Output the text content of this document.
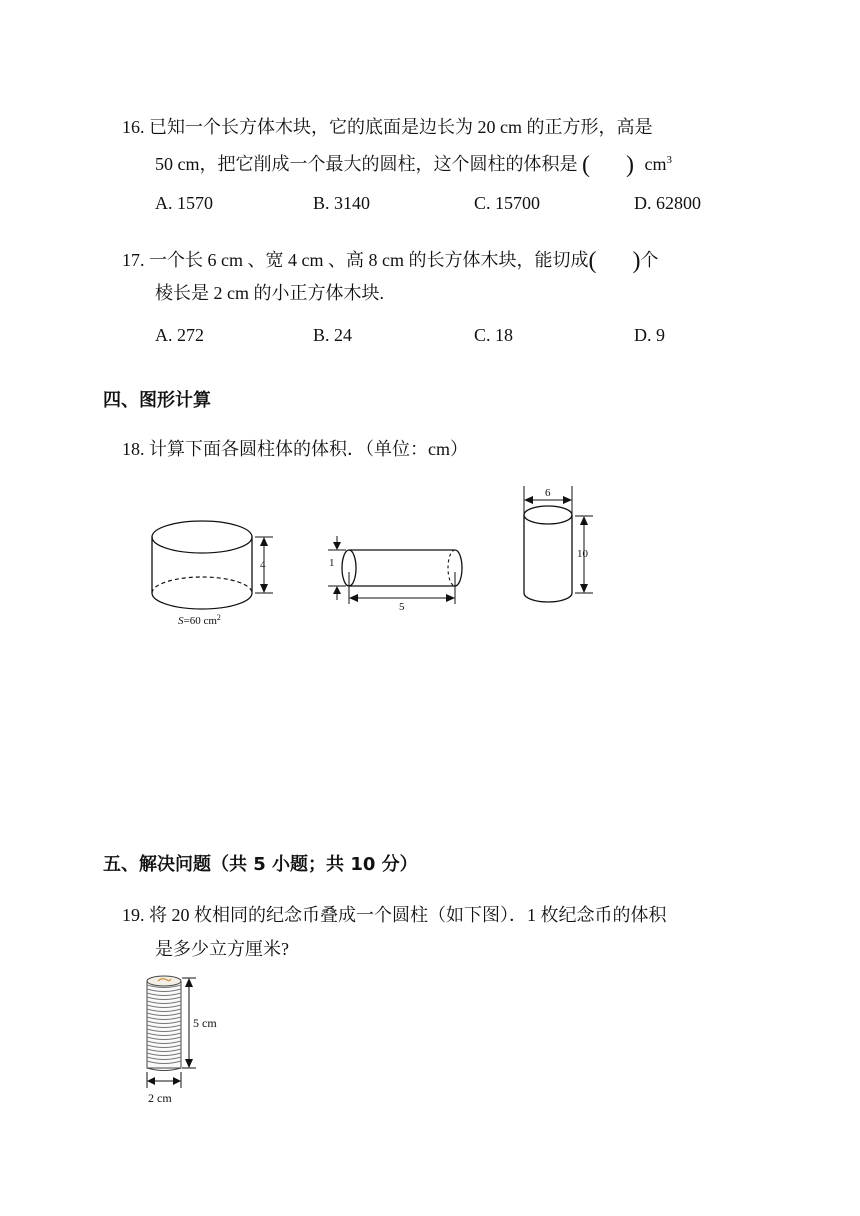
16. 已知一个长方体木块，它的底面是边长为 20 cm 的正方形，高是
50 cm，把它削成一个最大的圆柱，这个圆柱的体积是 ( ) $cm^3$
A. 1570	B. 3140	C. 15700	D. 62800
17. 一个长 6 cm 、宽 4 cm 、高 8 cm 的长方体木块，能切成( )个
棱长是 2 cm 的小正方体木块.
A. 272	B. 24	C. 18	D. 9
四、图形计算
18. 计算下面各圆柱体的体积．（单位：cm）
4
S=60 $cm^2$
1
5
6
10
五、解决问题（共 5 小题；共 10 分）
19. 将 20 枚相同的纪念币叠成一个圆柱（如下图）．1 枚纪念币的体积
是多少立方厘米?
5 cm
2 cm
